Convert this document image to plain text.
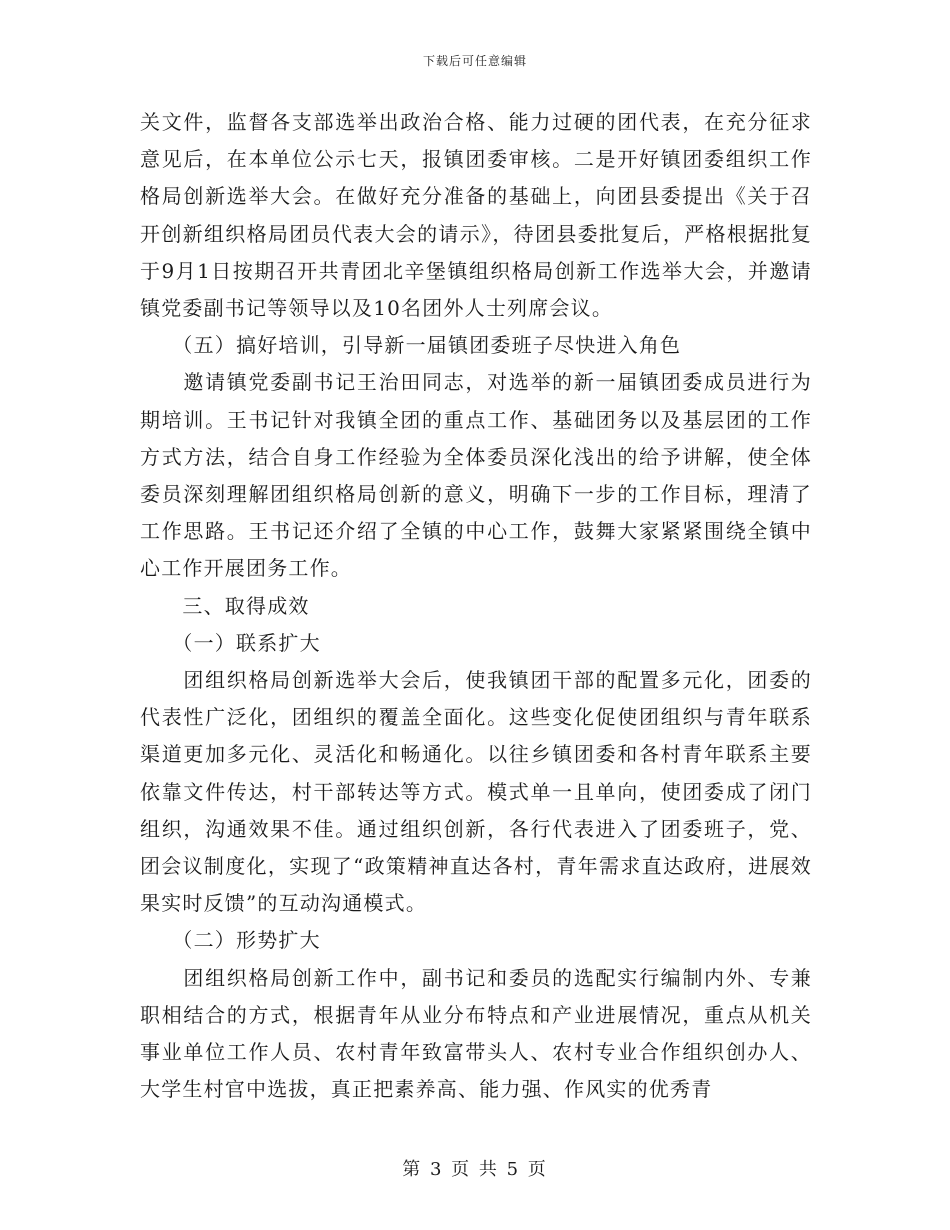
下载后可任意编辑

关文件，监督各支部选举出政治合格、能力过硬的团代表，在充分征求意见后，在本单位公示七天，报镇团委审核。二是开好镇团委组织工作格局创新选举大会。在做好充分准备的基础上，向团县委提出《关于召开创新组织格局团员代表大会的请示》，待团县委批复后，严格根据批复于9月1日按期召开共青团北辛堡镇组织格局创新工作选举大会，并邀请镇党委副书记等领导以及10名团外人士列席会议。

　　（五）搞好培训，引导新一届镇团委班子尽快进入角色

　　邀请镇党委副书记王治田同志，对选举的新一届镇团委成员进行为期培训。王书记针对我镇全团的重点工作、基础团务以及基层团的工作方式方法，结合自身工作经验为全体委员深化浅出的给予讲解，使全体委员深刻理解团组织格局创新的意义，明确下一步的工作目标，理清了工作思路。王书记还介绍了全镇的中心工作，鼓舞大家紧紧围绕全镇中心工作开展团务工作。

　　三、取得成效

　　（一）联系扩大

　　团组织格局创新选举大会后，使我镇团干部的配置多元化，团委的代表性广泛化，团组织的覆盖全面化。这些变化促使团组织与青年联系渠道更加多元化、灵活化和畅通化。以往乡镇团委和各村青年联系主要依靠文件传达，村干部转达等方式。模式单一且单向，使团委成了闭门组织，沟通效果不佳。通过组织创新，各行代表进入了团委班子，党、团会议制度化，实现了“政策精神直达各村，青年需求直达政府，进展效果实时反馈”的互动沟通模式。

　　（二）形势扩大

　　团组织格局创新工作中，副书记和委员的选配实行编制内外、专兼职相结合的方式，根据青年从业分布特点和产业进展情况，重点从机关事业单位工作人员、农村青年致富带头人、农村专业合作组织创办人、大学生村官中选拔，真正把素养高、能力强、作风实的优秀青

第 3 页 共 5 页
